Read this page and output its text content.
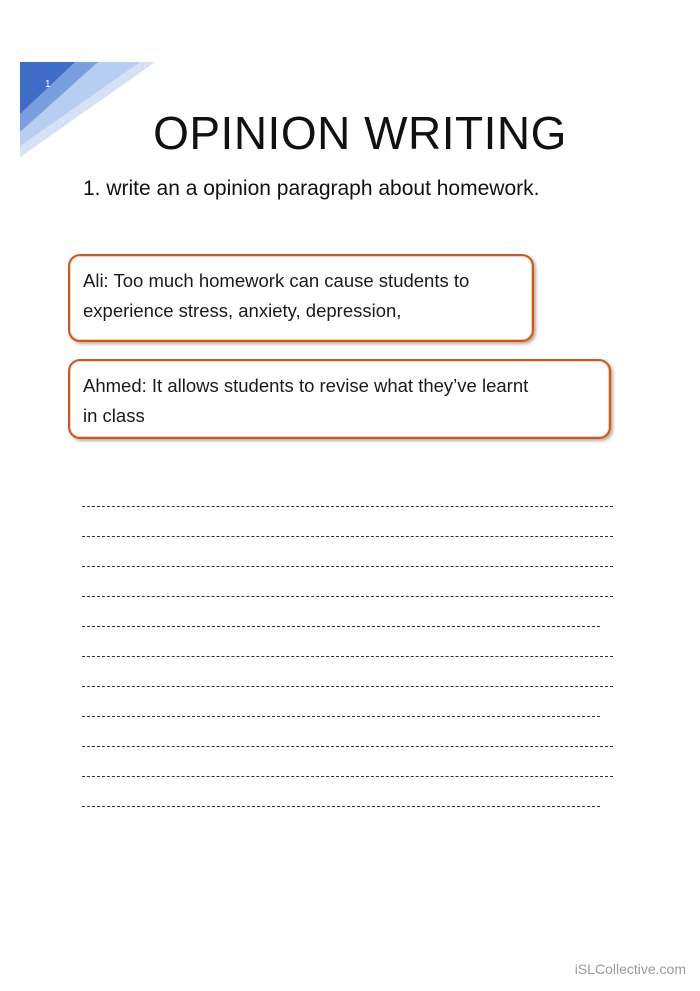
1
OPINION WRITING
1. write an a opinion paragraph about homework.
Ali: Too much homework can cause students to
experience stress, anxiety, depression,
Ahmed: It allows students to revise what they’ve learnt
in class
iSLCollective.com
